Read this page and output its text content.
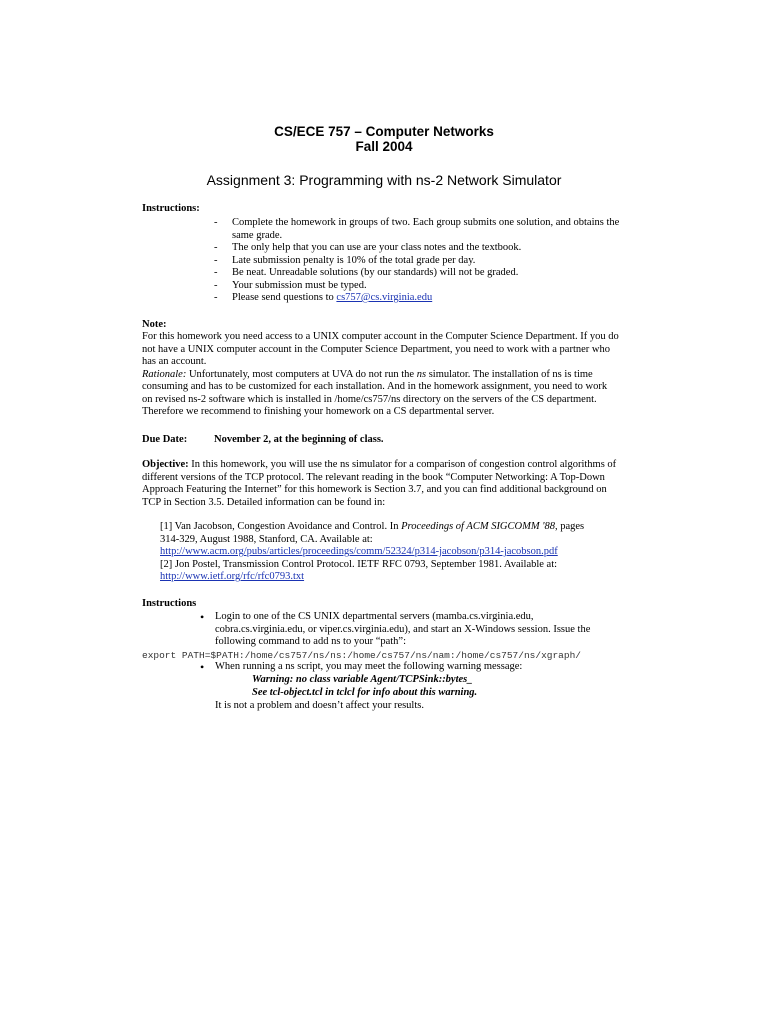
CS/ECE 757 – Computer Networks
Fall 2004
Assignment 3: Programming with ns-2 Network Simulator
Instructions:
- Complete the homework in groups of two. Each group submits one solution, and obtains the same grade.
- The only help that you can use are your class notes and the textbook.
- Late submission penalty is 10% of the total grade per day.
- Be neat. Unreadable solutions (by our standards) will not be graded.
- Your submission must be typed.
- Please send questions to cs757@cs.virginia.edu
Note:
For this homework you need access to a UNIX computer account in the Computer Science Department. If you do not have a UNIX computer account in the Computer Science Department, you need to work with a partner who has an account.
Rationale: Unfortunately, most computers at UVA do not run the ns simulator. The installation of ns is time consuming and has to be customized for each installation. And in the homework assignment, you need to work on revised ns-2 software which is installed in /home/cs757/ns directory on the servers of the CS department. Therefore we recommend to finishing your homework on a CS departmental server.
Due Date:	November 2, at the beginning of class.
Objective: In this homework, you will use the ns simulator for a comparison of congestion control algorithms of different versions of the TCP protocol. The relevant reading in the book “Computer Networking: A Top-Down Approach Featuring the Internet” for this homework is Section 3.7, and you can find additional background on TCP in Section 3.5. Detailed information can be found in:
[1] Van Jacobson, Congestion Avoidance and Control. In Proceedings of ACM SIGCOMM '88, pages 314-329, August 1988, Stanford, CA. Available at:
http://www.acm.org/pubs/articles/proceedings/comm/52324/p314-jacobson/p314-jacobson.pdf
[2] Jon Postel, Transmission Control Protocol. IETF RFC 0793, September 1981. Available at:
http://www.ietf.org/rfc/rfc0793.txt
Instructions
• Login to one of the CS UNIX departmental servers (mamba.cs.virginia.edu, cobra.cs.virginia.edu, or viper.cs.virginia.edu), and start an X-Windows session. Issue the following command to add ns to your “path”:
export PATH=$PATH:/home/cs757/ns/ns:/home/cs757/ns/nam:/home/cs757/ns/xgraph/
• When running a ns script, you may meet the following warning message:
Warning: no class variable Agent/TCPSink::bytes_
See tcl-object.tcl in tclcl for info about this warning.
It is not a problem and doesn’t affect your results.
